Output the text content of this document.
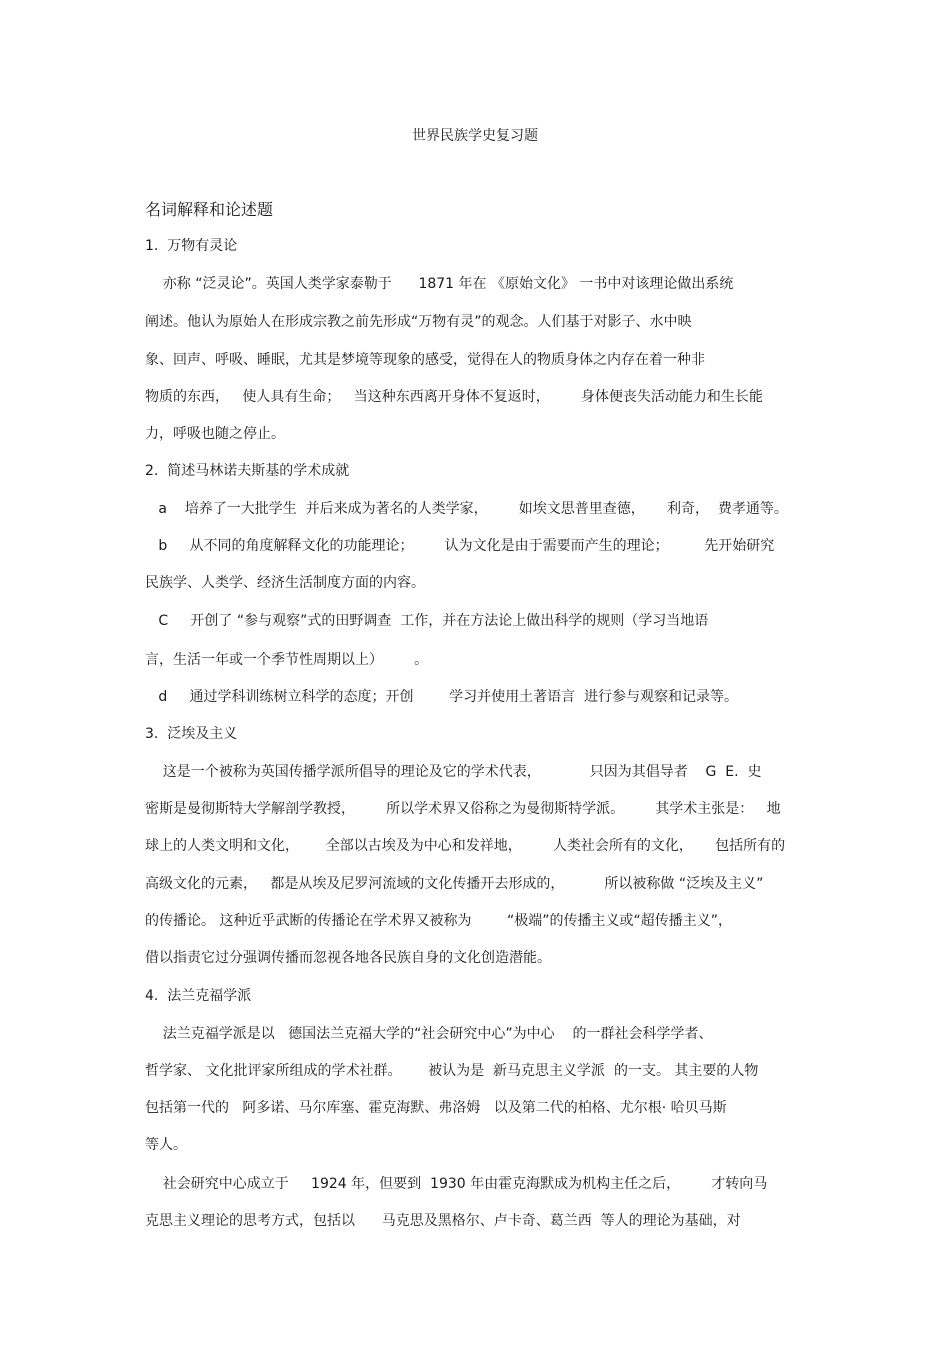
世界民族学史复习题
名词解释和论述题
1.  万物有灵论
亦称 “泛灵论”。英国人类学家泰勒于      1871 年在 《原始文化》 一书中对该理论做出系统
阐述。他认为原始人在形成宗教之前先形成“万物有灵”的观念。人们基于对影子、水中映
象、回声、呼吸、睡眠，尤其是梦境等现象的感受，觉得在人的物质身体之内存在着一种非
物质的东西，   使人具有生命；   当这种东西离开身体不复返时，       身体便丧失活动能力和生长能
力，呼吸也随之停止。
2.  简述马林诺夫斯基的学术成就
a    培养了一大批学生  并后来成为著名的人类学家，       如埃文思普里查德，     利奇，  费孝通等。
b     从不同的角度解释文化的功能理论；       认为文化是由于需要而产生的理论；        先开始研究
民族学、人类学、经济生活制度方面的内容。
C     开创了 “参与观察”式的田野调查  工作，并在方法论上做出科学的规则（学习当地语
言，生活一年或一个季节性周期以上）       。
d     通过学科训练树立科学的态度；开创        学习并使用土著语言  进行参与观察和记录等。
3.  泛埃及主义
这是一个被称为英国传播学派所倡导的理论及它的学术代表，           只因为其倡导者    G  E.  史
密斯是曼彻斯特大学解剖学教授，       所以学术界又俗称之为曼彻斯特学派。       其学术主张是：   地
球上的人类文明和文化，      全部以古埃及为中心和发祥地，       人类社会所有的文化，     包括所有的
高级文化的元素，   都是从埃及尼罗河流域的文化传播开去形成的，         所以被称做 “泛埃及主义”
的传播论。 这种近乎武断的传播论在学术界又被称为        “极端”的传播主义或“超传播主义”，
借以指责它过分强调传播而忽视各地各民族自身的文化创造潜能。
4.  法兰克福学派
法兰克福学派是以   德国法兰克福大学的“社会研究中心”为中心    的一群社会科学学者、
哲学家、 文化批评家所组成的学术社群。      被认为是  新马克思主义学派  的一支。 其主要的人物
包括第一代的   阿多诺、马尔库塞、霍克海默、弗洛姆   以及第二代的柏格、尤尔根· 哈贝马斯
等人。
社会研究中心成立于     1924 年，但要到  1930 年由霍克海默成为机构主任之后，       才转向马
克思主义理论的思考方式，包括以      马克思及黑格尔、卢卡奇、葛兰西  等人的理论为基础，对
